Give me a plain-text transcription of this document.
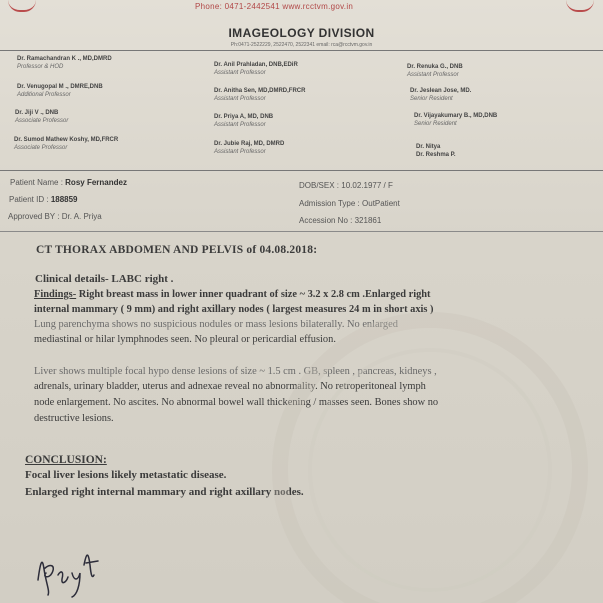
Phone: 0471-2442541 www.rcctvm.gov.in
IMAGEOLOGY DIVISION
Ph:0471-2522229, 2522470, 2522341 email: rca@rcctvm.gov.in
Dr. Ramachandran K ., MD,DMRD
Professor & HOD
Dr. Venugopal M ., DMRE,DNB
Additional Professor
Dr. Jiji V ., DNB
Associate Professor
Dr. Sumod Mathew Koshy, MD,FRCR
Associate Professor
Dr. Anil Prahladan, DNB,EDiR
Assistant Professor
Dr. Anitha Sen, MD,DMRD,FRCR
Assistant Professor
Dr. Priya A, MD, DNB
Assistant Professor
Dr. Jubie Raj, MD, DMRD
Assistant Professor
Dr. Renuka G., DNB
Assistant Professor
Dr. Jeslean Jose, MD.
Senior Resident
Dr. Vijayakumary B., MD,DNB
Senior Resident
Dr. Nitya
Dr. Reshma P.
Patient Name : Rosy Fernandez
Patient ID : 188859
Approved BY : Dr. A. Priya
DOB/SEX : 10.02.1977 / F
Admission Type : OutPatient
Accession No : 321861
CT THORAX ABDOMEN AND PELVIS of 04.08.2018:
Clinical details- LABC right .
Findings- Right breast mass in lower inner quadrant of size ~ 3.2 x 2.8 cm .Enlarged right
internal mammary ( 9 mm) and right axillary nodes ( largest measures 24 m in short axis )
Lung parenchyma shows no suspicious nodules or mass lesions bilaterally. No enlarged
mediastinal or hilar lymphnodes seen. No pleural or pericardial effusion.
Liver shows multiple focal hypo dense lesions of size ~ 1.5 cm . GB, spleen , pancreas, kidneys ,
adrenals, urinary bladder, uterus and adnexae reveal no abnormality. No retroperitoneal lymph
node enlargement. No ascites. No abnormal bowel wall thickening / masses seen. Bones show no
destructive lesions.
CONCLUSION:
Focal liver lesions likely metastatic disease.
Enlarged right internal mammary and right axillary nodes.
